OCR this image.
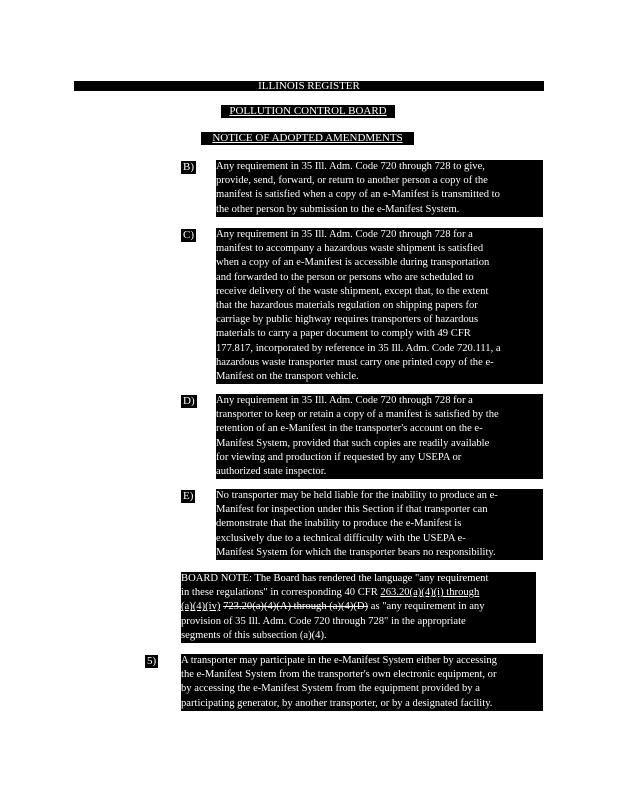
ILLINOIS REGISTER
POLLUTION CONTROL BOARD
NOTICE OF ADOPTED AMENDMENTS
B) Any requirement in 35 Ill. Adm. Code 720 through 728 to give,
provide, send, forward, or return to another person a copy of the
manifest is satisfied when a copy of an e-Manifest is transmitted to
the other person by submission to the e-Manifest System.
C) Any requirement in 35 Ill. Adm. Code 720 through 728 for a
manifest to accompany a hazardous waste shipment is satisfied
when a copy of an e-Manifest is accessible during transportation
and forwarded to the person or persons who are scheduled to
receive delivery of the waste shipment, except that, to the extent
that the hazardous materials regulation on shipping papers for
carriage by public highway requires transporters of hazardous
materials to carry a paper document to comply with 49 CFR
177.817, incorporated by reference in 35 Ill. Adm. Code 720.111, a
hazardous waste transporter must carry one printed copy of the e-
Manifest on the transport vehicle.
D) Any requirement in 35 Ill. Adm. Code 720 through 728 for a
transporter to keep or retain a copy of a manifest is satisfied by the
retention of an e-Manifest in the transporter's account on the e-
Manifest System, provided that such copies are readily available
for viewing and production if requested by any USEPA or
authorized state inspector.
E) No transporter may be held liable for the inability to produce an e-
Manifest for inspection under this Section if that transporter can
demonstrate that the inability to produce the e-Manifest is
exclusively due to a technical difficulty with the USEPA e-
Manifest System for which the transporter bears no responsibility.
BOARD NOTE: The Board has rendered the language "any requirement
in these regulations" in corresponding 40 CFR 263.20(a)(4)(i) through
(a)(4)(iv) 723.20(a)(4)(A) through (a)(4)(D) as "any requirement in any
provision of 35 Ill. Adm. Code 720 through 728" in the appropriate
segments of this subsection (a)(4).
5) A transporter may participate in the e-Manifest System either by accessing
the e-Manifest System from the transporter's own electronic equipment, or
by accessing the e-Manifest System from the equipment provided by a
participating generator, by another transporter, or by a designated facility.
